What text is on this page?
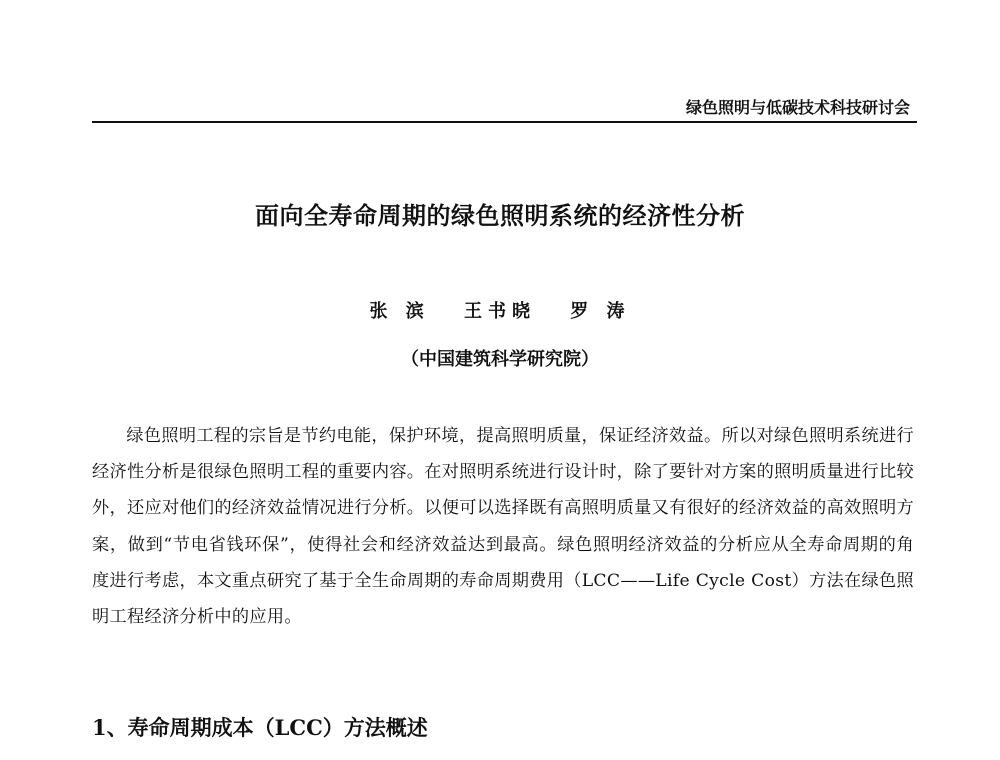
绿色照明与低碳技术科技研讨会
面向全寿命周期的绿色照明系统的经济性分析
张 滨 王书晓 罗 涛
（中国建筑科学研究院）

绿色照明工程的宗旨是节约电能，保护环境，提高照明质量，保证经济效益。所以对绿色照明系统进行经济性分析是很绿色照明工程的重要内容。在对照明系统进行设计时，除了要针对方案的照明质量进行比较外，还应对他们的经济效益情况进行分析。以便可以选择既有高照明质量又有很好的经济效益的高效照明方案，做到“节电省钱环保”，使得社会和经济效益达到最高。绿色照明经济效益的分析应从全寿命周期的角度进行考虑，本文重点研究了基于全生命周期的寿命周期费用（LCC——Life Cycle Cost）方法在绿色照明工程经济分析中的应用。

1、寿命周期成本（LCC）方法概述
